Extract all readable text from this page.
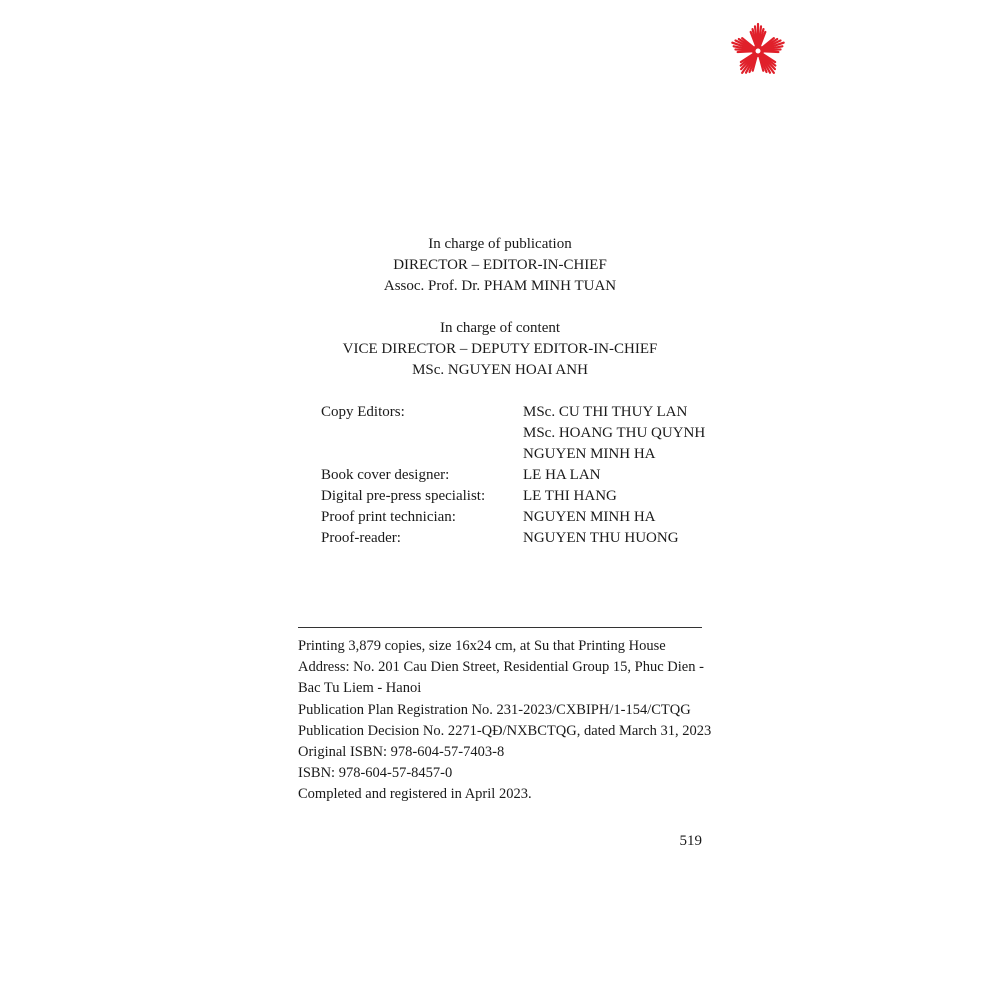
In charge of publication
DIRECTOR – EDITOR-IN-CHIEF
Assoc. Prof. Dr. PHAM MINH TUAN
In charge of content
VICE DIRECTOR – DEPUTY EDITOR-IN-CHIEF
MSc. NGUYEN HOAI ANH
Copy Editors:	MSc. CU THI THUY LAN
MSc. HOANG THU QUYNH
NGUYEN MINH HA
Book cover designer:	LE HA LAN
Digital pre-press specialist:	LE THI HANG
Proof print technician:	NGUYEN MINH HA
Proof-reader:	NGUYEN THU HUONG
Printing 3,879 copies, size 16x24 cm, at Su that Printing House
Address: No. 201 Cau Dien Street, Residential Group 15, Phuc Dien -
Bac Tu Liem - Hanoi
Publication Plan Registration No. 231-2023/CXBIPH/1-154/CTQG
Publication Decision No. 2271-QĐ/NXBCTQG, dated March 31, 2023
Original ISBN: 978-604-57-7403-8
ISBN: 978-604-57-8457-0
Completed and registered in April 2023.
519
